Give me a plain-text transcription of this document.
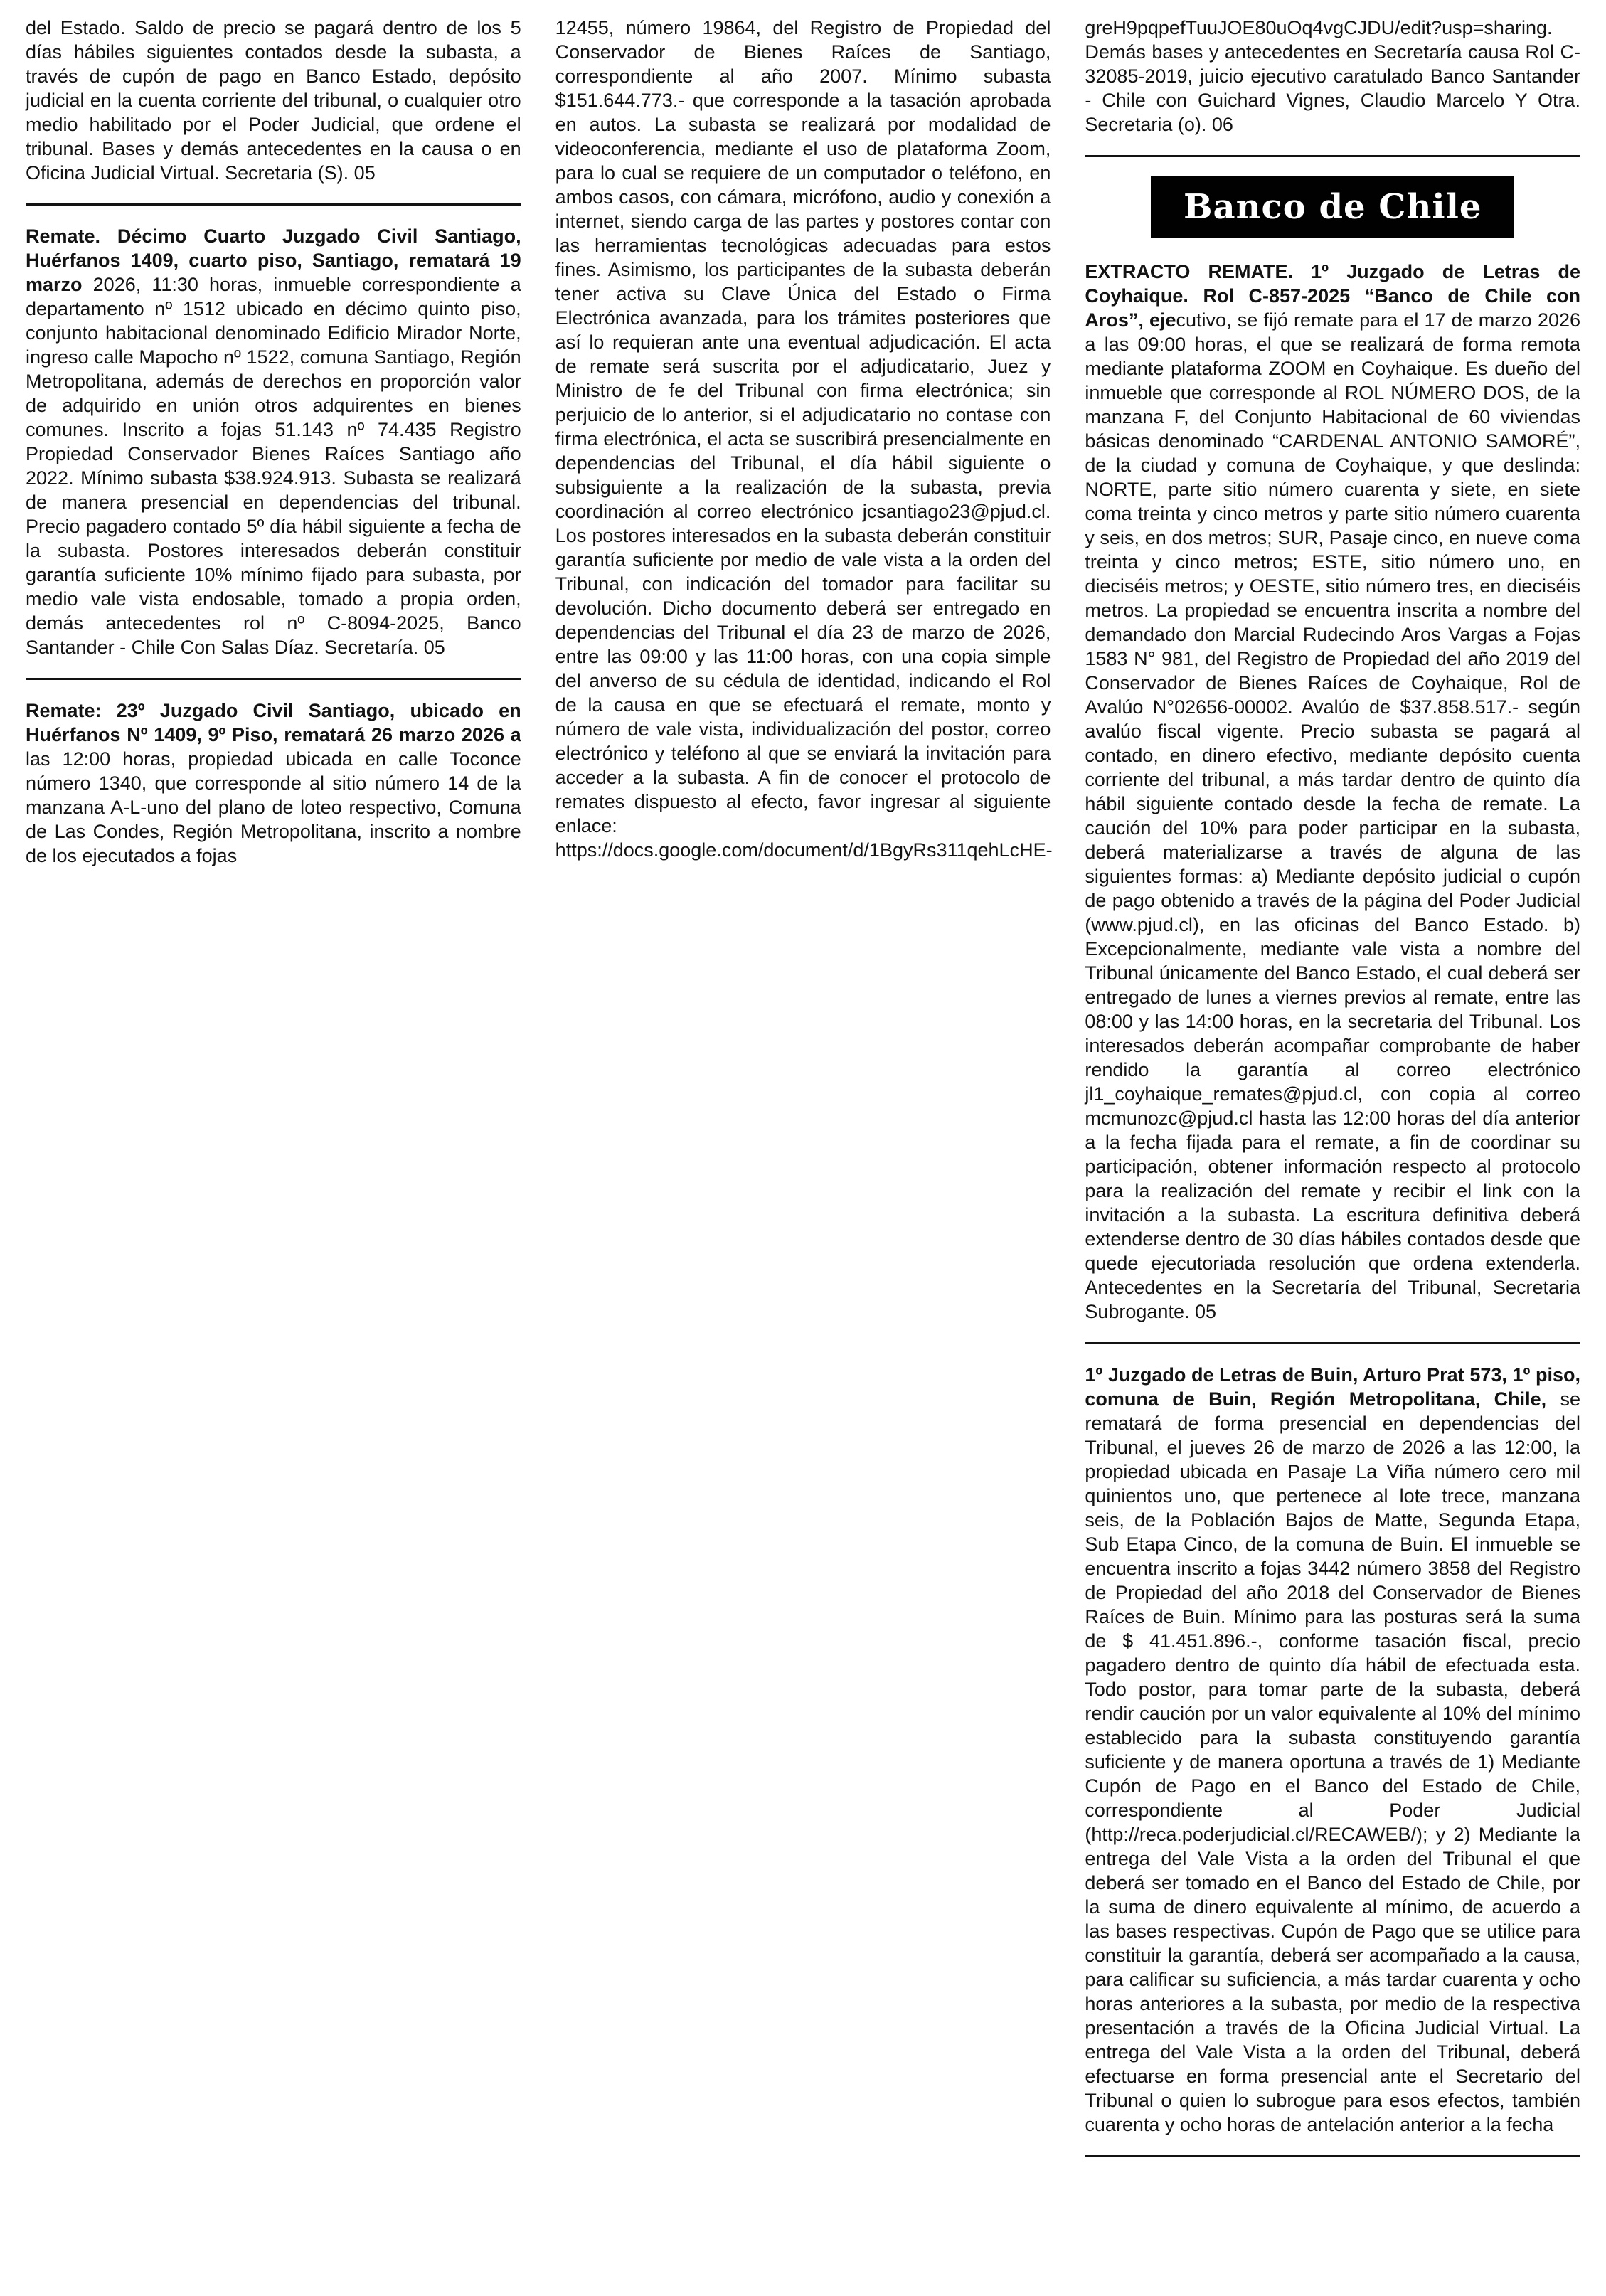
del Estado. Saldo de precio se pagará dentro de los 5 días hábiles siguientes contados desde la subasta, a través de cupón de pago en Banco Estado, depósito judicial en la cuenta corriente del tribunal, o cualquier otro medio habilitado por el Poder Judicial, que ordene el tribunal. Bases y demás antecedentes en la causa o en Oficina Judicial Virtual. Secretaria (S). 05

Remate. Décimo Cuarto Juzgado Civil Santiago, Huérfanos 1409, cuarto piso, Santiago, rematará 19 marzo 2026, 11:30 horas, inmueble correspondiente a departamento nº 1512 ubicado en décimo quinto piso, conjunto habitacional denominado Edificio Mirador Norte, ingreso calle Mapocho nº 1522, comuna Santiago, Región Metropolitana, además de derechos en proporción valor de adquirido en unión otros adquirentes en bienes comunes. Inscrito a fojas 51.143 nº 74.435 Registro Propiedad Conservador Bienes Raíces Santiago año 2022. Mínimo subasta $38.924.913. Subasta se realizará de manera presencial en dependencias del tribunal. Precio pagadero contado 5º día hábil siguiente a fecha de la subasta. Postores interesados deberán constituir garantía suficiente 10% mínimo fijado para subasta, por medio vale vista endosable, tomado a propia orden, demás antecedentes rol nº C-8094-2025, Banco Santander - Chile Con Salas Díaz. Secretaría. 05

Remate: 23º Juzgado Civil Santiago, ubicado en Huérfanos Nº 1409, 9º Piso, rematará 26 marzo 2026 a las 12:00 horas, propiedad ubicada en calle Toconce número 1340, que corresponde al sitio número 14 de la manzana A-L-uno del plano de loteo respectivo, Comuna de Las Condes, Región Metropolitana, inscrito a nombre de los ejecutados a fojas

12455, número 19864, del Registro de Propiedad del Conservador de Bienes Raíces de Santiago, correspondiente al año 2007. Mínimo subasta $151.644.773.- que corresponde a la tasación aprobada en autos. La subasta se realizará por modalidad de videoconferencia, mediante el uso de plataforma Zoom, para lo cual se requiere de un computador o teléfono, en ambos casos, con cámara, micrófono, audio y conexión a internet, siendo carga de las partes y postores contar con las herramientas tecnológicas adecuadas para estos fines. Asimismo, los participantes de la subasta deberán tener activa su Clave Única del Estado o Firma Electrónica avanzada, para los trámites posteriores que así lo requieran ante una eventual adjudicación. El acta de remate será suscrita por el adjudicatario, Juez y Ministro de fe del Tribunal con firma electrónica; sin perjuicio de lo anterior, si el adjudicatario no contase con firma electrónica, el acta se suscribirá presencialmente en dependencias del Tribunal, el día hábil siguiente o subsiguiente a la realización de la subasta, previa coordinación al correo electrónico jcsantiago23@pjud.cl. Los postores interesados en la subasta deberán constituir garantía suficiente por medio de vale vista a la orden del Tribunal, con indicación del tomador para facilitar su devolución. Dicho documento deberá ser entregado en dependencias del Tribunal el día 23 de marzo de 2026, entre las 09:00 y las 11:00 horas, con una copia simple del anverso de su cédula de identidad, indicando el Rol de la causa en que se efectuará el remate, monto y número de vale vista, individualización del postor, correo electrónico y teléfono al que se enviará la invitación para acceder a la subasta. A fin de conocer el protocolo de remates dispuesto al efecto, favor ingresar al siguiente enlace: https://docs.google.com/document/d/1BgyRs311qehLcHE-

greH9pqpefTuuJOE80uOq4vgCJDU/edit?usp=sharing. Demás bases y antecedentes en Secretaría causa Rol C-32085-2019, juicio ejecutivo caratulado Banco Santander - Chile con Guichard Vignes, Claudio Marcelo Y Otra. Secretaria (o). 06

Banco de Chile

EXTRACTO REMATE. 1º Juzgado de Letras de Coyhaique. Rol C-857-2025 “Banco de Chile con Aros”, ejecutivo, se fijó remate para el 17 de marzo 2026 a las 09:00 horas, el que se realizará de forma remota mediante plataforma ZOOM en Coyhaique. Es dueño del inmueble que corresponde al ROL NÚMERO DOS, de la manzana F, del Conjunto Habitacional de 60 viviendas básicas denominado “CARDENAL ANTONIO SAMORÉ”, de la ciudad y comuna de Coyhaique, y que deslinda: NORTE, parte sitio número cuarenta y siete, en siete coma treinta y cinco metros y parte sitio número cuarenta y seis, en dos metros; SUR, Pasaje cinco, en nueve coma treinta y cinco metros; ESTE, sitio número uno, en dieciséis metros; y OESTE, sitio número tres, en dieciséis metros. La propiedad se encuentra inscrita a nombre del demandado don Marcial Rudecindo Aros Vargas a Fojas 1583 N° 981, del Registro de Propiedad del año 2019 del Conservador de Bienes Raíces de Coyhaique, Rol de Avalúo N°02656-00002. Avalúo de $37.858.517.- según avalúo fiscal vigente. Precio subasta se pagará al contado, en dinero efectivo, mediante depósito cuenta corriente del tribunal, a más tardar dentro de quinto día hábil siguiente contado desde la fecha de remate. La caución del 10% para poder participar en la subasta, deberá materializarse a través de alguna de las siguientes formas: a) Mediante depósito judicial o cupón de pago obtenido a través de la página del Poder Judicial (www.pjud.cl), en las oficinas del Banco Estado. b) Excepcionalmente, mediante vale vista a nombre del Tribunal únicamente del Banco Estado, el cual deberá ser entregado de lunes a viernes previos al remate, entre las 08:00 y las 14:00 horas, en la secretaria del Tribunal. Los interesados deberán acompañar comprobante de haber rendido la garantía al correo electrónico jl1_coyhaique_remates@pjud.cl, con copia al correo mcmunozc@pjud.cl hasta las 12:00 horas del día anterior a la fecha fijada para el remate, a fin de coordinar su participación, obtener información respecto al protocolo para la realización del remate y recibir el link con la invitación a la subasta. La escritura definitiva deberá extenderse dentro de 30 días hábiles contados desde que quede ejecutoriada resolución que ordena extenderla. Antecedentes en la Secretaría del Tribunal, Secretaria Subrogante. 05

1º Juzgado de Letras de Buin, Arturo Prat 573, 1º piso, comuna de Buin, Región Metropolitana, Chile, se rematará de forma presencial en dependencias del Tribunal, el jueves 26 de marzo de 2026 a las 12:00, la propiedad ubicada en Pasaje La Viña número cero mil quinientos uno, que pertenece al lote trece, manzana seis, de la Población Bajos de Matte, Segunda Etapa, Sub Etapa Cinco, de la comuna de Buin. El inmueble se encuentra inscrito a fojas 3442 número 3858 del Registro de Propiedad del año 2018 del Conservador de Bienes Raíces de Buin. Mínimo para las posturas será la suma de $ 41.451.896.-, conforme tasación fiscal, precio pagadero dentro de quinto día hábil de efectuada esta. Todo postor, para tomar parte de la subasta, deberá rendir caución por un valor equivalente al 10% del mínimo establecido para la subasta constituyendo garantía suficiente y de manera oportuna a través de 1) Mediante Cupón de Pago en el Banco del Estado de Chile, correspondiente al Poder Judicial (http://reca.poderjudicial.cl/RECAWEB/); y 2) Mediante la entrega del Vale Vista a la orden del Tribunal el que deberá ser tomado en el Banco del Estado de Chile, por la suma de dinero equivalente al mínimo, de acuerdo a las bases respectivas. Cupón de Pago que se utilice para constituir la garantía, deberá ser acompañado a la causa, para calificar su suficiencia, a más tardar cuarenta y ocho horas anteriores a la subasta, por medio de la respectiva presentación a través de la Oficina Judicial Virtual. La entrega del Vale Vista a la orden del Tribunal, deberá efectuarse en forma presencial ante el Secretario del Tribunal o quien lo subrogue para esos efectos, también cuarenta y ocho horas de antelación anterior a la fecha
